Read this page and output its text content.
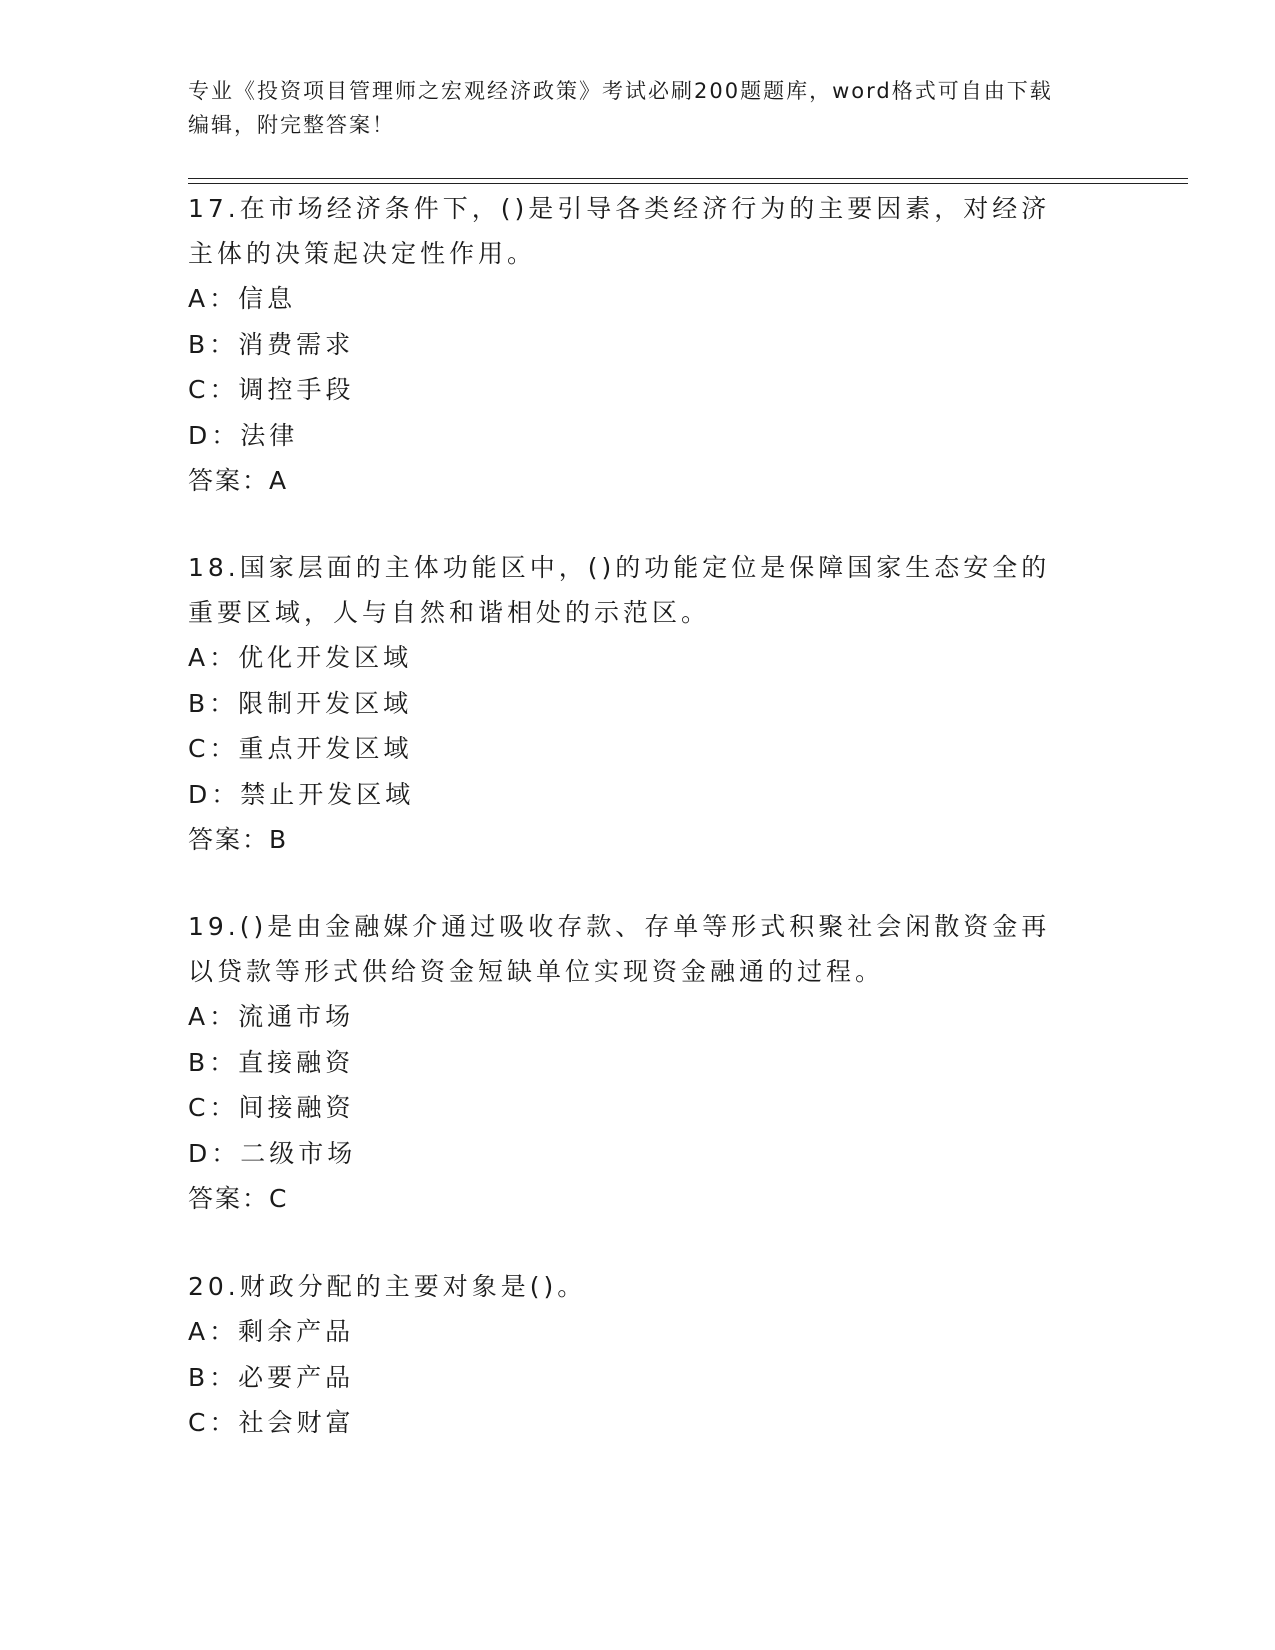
专业《投资项目管理师之宏观经济政策》考试必刷200题题库，word格式可自由下载编辑，附完整答案！

17.在市场经济条件下，()是引导各类经济行为的主要因素，对经济主体的决策起决定性作用。

A：信息

B：消费需求

C：调控手段

D：法律

答案：A

18.国家层面的主体功能区中，()的功能定位是保障国家生态安全的重要区域，人与自然和谐相处的示范区。

A：优化开发区域

B：限制开发区域

C：重点开发区域

D：禁止开发区域

答案：B

19.()是由金融媒介通过吸收存款、存单等形式积聚社会闲散资金再以贷款等形式供给资金短缺单位实现资金融通的过程。

A：流通市场

B：直接融资

C：间接融资

D：二级市场

答案：C

20.财政分配的主要对象是()。

A：剩余产品

B：必要产品

C：社会财富
